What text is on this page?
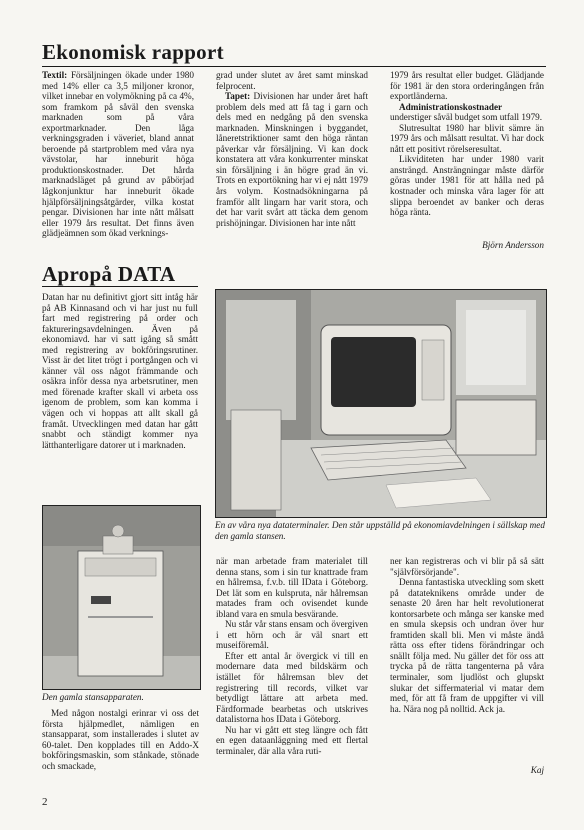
Ekonomisk rapport

Textil: Försäljningen ökade under 1980 med 14% eller ca 3,5 miljoner kronor, vilket innebar en volymökning på ca 4%, som framkom på såväl den svenska marknaden som på våra exportmarknader. Den låga verkningsgraden i väveriet, bland annat beroende på startproblem med våra nya vävstolar, har inneburit höga produktionskostnader. Det hårda marknadsläget på grund av påbörjad lågkonjunktur har inneburit ökade hjälpförsäljningsåtgärder, vilka kostat pengar. Divisionen har inte nått målsatt eller 1979 års resultat. Det finns även glädjeämnen som ökad verknings-

grad under slutet av året samt minskad felprocent.

Tapet: Divisionen har under året haft problem dels med att få tag i garn och dels med en nedgång på den svenska marknaden. Minskningen i byggandet, låneretstriktioner samt den höga räntan påverkar vår försäljning. Vi kan dock konstatera att våra konkurrenter minskat sin försäljning i än högre grad än vi. Trots en exportökning har vi ej nått 1979 års volym. Kostnadsökningarna på framför allt lingarn har varit stora, och det har varit svårt att täcka dem genom prishöjningar. Divisionen har inte nått

1979 års resultat eller budget. Glädjande för 1981 är den stora orderingången från exportländerna.

Administrationskostnader understiger såväl budget som utfall 1979.

Slutresultat 1980 har blivit sämre än 1979 års och målsatt resultat. Vi har dock nått ett positivt rörelseresultat.

Likviditeten har under 1980 varit ansträngd. Ansträngningar måste därför göras under 1981 för att hålla ned på kostnader och minska våra lager för att slippa beroendet av banker och deras höga ränta.

Björn Andersson
Apropå DATA

Datan har nu definitivt gjort sitt intåg här på AB Kinnasand och vi har just nu full fart med registrering på order och faktureringsavdelningen. Även på ekonomiavd. har vi satt igång så smått med registrering av bokföringsrutiner. Visst är det litet trögt i portgången och vi känner väl oss något främmande och osäkra inför dessa nya arbetsrutiner, men med förenade krafter skall vi arbeta oss igenom de problem, som kan komma i vägen och vi hoppas att allt skall gå framåt. Utvecklingen med datan har gått snabbt och ständigt kommer nya lätthanterligare datorer ut i marknaden.

En av våra nya dataterminaler. Den står uppställd på ekonomiavdelningen i sällskap med den gamla stansen.
Den gamla stansapparaten.

Med någon nostalgi erinrar vi oss det första hjälpmedlet, nämligen en stansapparat, som installerades i slutet av 60-talet. Den kopplades till en Addo-X bokföringsmaskin, som stånkade, stönade och smackade,

när man arbetade fram materialet till denna stans, som i sin tur knattrade fram en hålremsa, f.v.b. till IData i Göteborg. Det lät som en kulspruta, när hålremsan matades fram och ovisendet kunde ibland vara en smula besvärande.

Nu står vår stans ensam och övergiven i ett hörn och är väl snart ett museiföremål.

Efter ett antal år övergick vi till en modernare data med bildskärm och istället för hålremsan blev det registrering till records, vilket var betydligt lättare att arbeta med. Färdformade bearbetas och utskrives datalistorna hos IData i Göteborg.

Nu har vi gått ett steg längre och fått en egen dataanläggning med ett flertal terminaler, där alla våra ruti-

ner kan registreras och vi blir på så sätt "självförsörjande".

Denna fantastiska utveckling som skett på datateknikens område under de senaste 20 åren har helt revolutionerat kontorsarbete och många ser kanske med en smula skepsis och undran över hur framtiden skall bli. Men vi måste ändå rätta oss efter tidens förändringar och snällt följa med. Nu gäller det för oss att trycka på de rätta tangenterna på våra terminaler, som ljudlöst och glupskt slukar det siffermaterial vi matar dem med, för att få fram de uppgifter vi vill ha. Nära nog på nolltid. Ack ja.

Kaj
2
